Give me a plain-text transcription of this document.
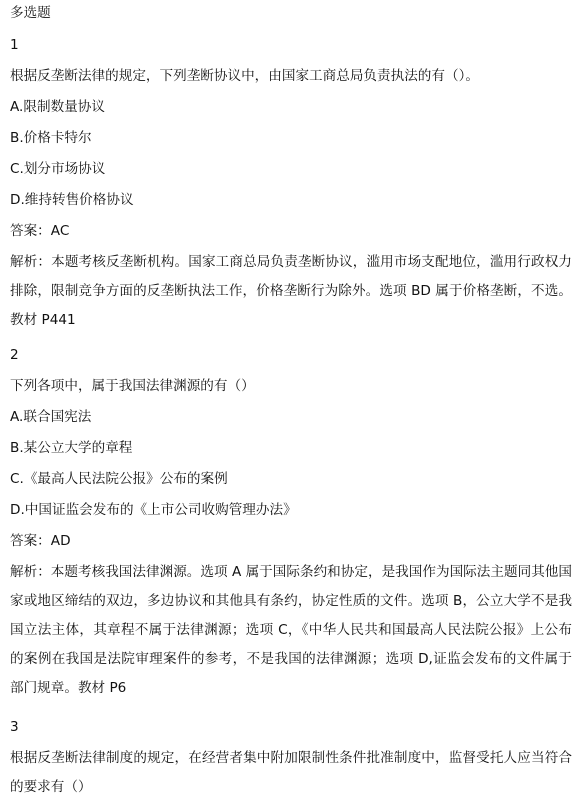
多选题
1
根据反垄断法律的规定，下列垄断协议中，由国家工商总局负责执法的有（）。
A.限制数量协议
B.价格卡特尔
C.划分市场协议
D.维持转售价格协议
答案：AC
解析：本题考核反垄断机构。国家工商总局负责垄断协议，滥用市场支配地位，滥用行政权力排除，限制竞争方面的反垄断执法工作，价格垄断行为除外。选项 BD 属于价格垄断，不选。教材 P441
2
下列各项中，属于我国法律渊源的有（）
A.联合国宪法
B.某公立大学的章程
C.《最高人民法院公报》公布的案例
D.中国证监会发布的《上市公司收购管理办法》
答案：AD
解析：本题考核我国法律渊源。选项 A 属于国际条约和协定，是我国作为国际法主题同其他国家或地区缔结的双边，多边协议和其他具有条约，协定性质的文件。选项 B，公立大学不是我国立法主体，其章程不属于法律渊源；选项 C，《中华人民共和国最高人民法院公报》上公布的案例在我国是法院审理案件的参考，不是我国的法律渊源；选项 D,证监会发布的文件属于部门规章。教材 P6
3
根据反垄断法律制度的规定，在经营者集中附加限制性条件批准制度中，监督受托人应当符合的要求有（）
